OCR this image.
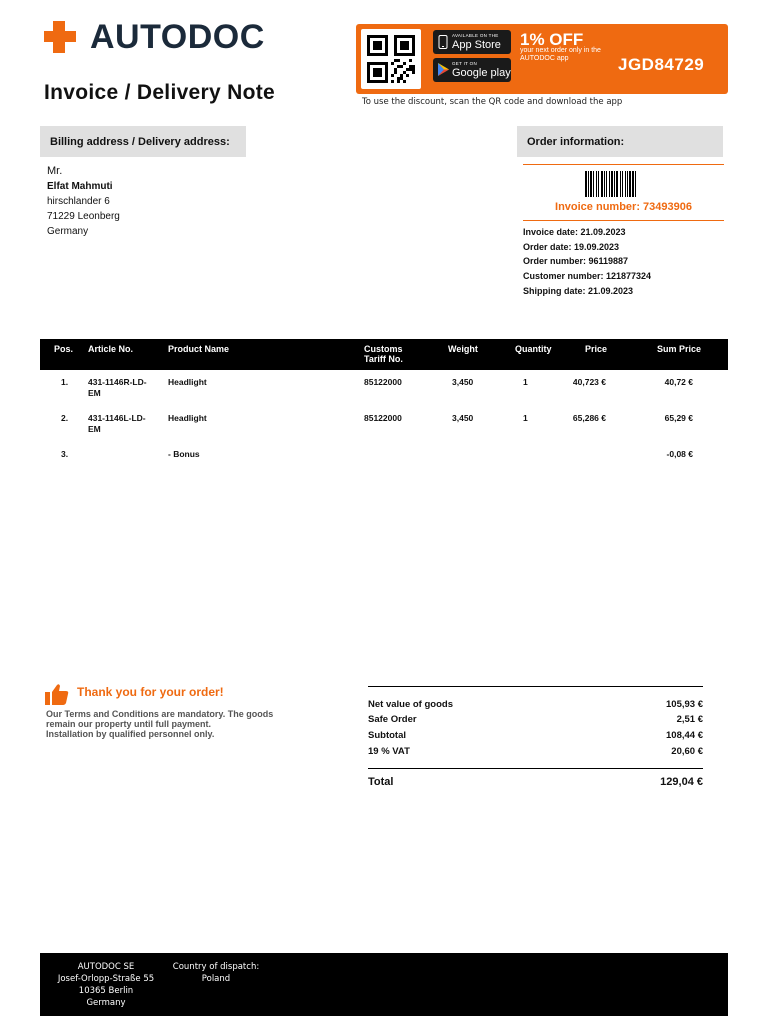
AUTODOC
Invoice / Delivery Note
AVAILABLE ON THE
App Store
GET IT ON
Google play
1% OFF
your next order only in the AUTODOC app	JGD84729
To use the discount, scan the QR code and download the app
Billing address / Delivery address:
Mr.
Elfat Mahmuti
hirschlander 6
71229 Leonberg
Germany
Order information:
Invoice number: 73493906
Invoice date: 21.09.2023
Order date: 19.09.2023
Order number: 96119887
Customer number: 121877324
Shipping date: 21.09.2023
Pos. Article No.	Product Name	Customs
Tariff No.
Weight	Quantity	Price	Sum Price
1. 431-1146R-LD-
EM
Headlight	85122000	3,450	1	40,723 €	40,72 €
2. 431-1146L-LD-
EM
Headlight	85122000	3,450	1	65,286 €	65,29 €
3.	- Bonus	-0,08 €
Thank you for your order!
Our Terms and Conditions are mandatory. The goods
remain our property until full payment.
Installation by qualified personnel only.
Net value of goods	105,93 €
Safe Order	2,51 €
Subtotal	108,44 €
19 % VAT	20,60 €
Total	129,04 €
AUTODOC SE
Josef-Orlopp-Straße 55
10365 Berlin
Germany
Country of dispatch:
Poland
